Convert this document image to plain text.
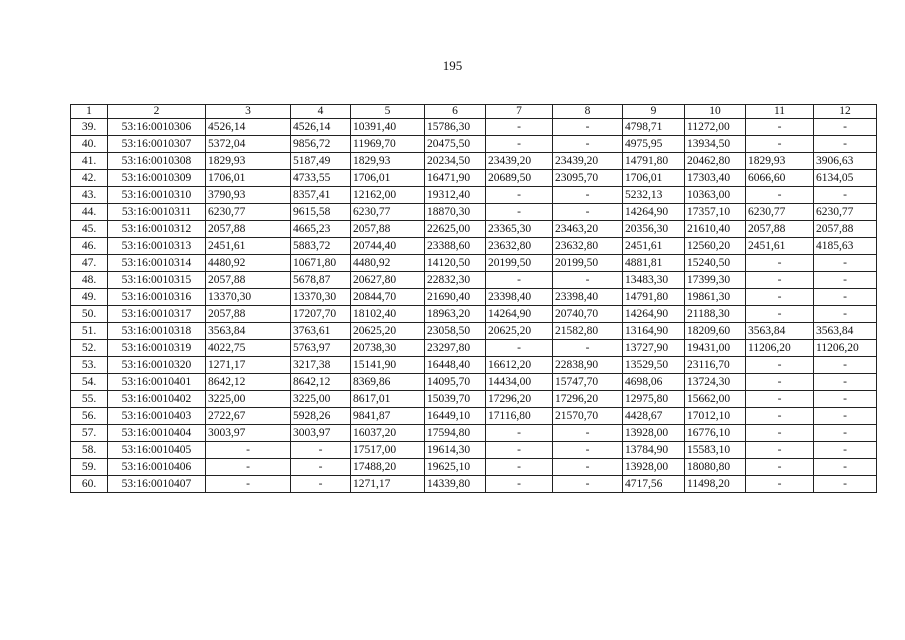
195
1	2	3	4	5	6	7	8	9	10	11	12
39.	53:16:0010306	4526,14	4526,14	10391,40	15786,30	-	-	4798,71	11272,00	-	-
40.	53:16:0010307	5372,04	9856,72	11969,70	20475,50	-	-	4975,95	13934,50	-	-
41.	53:16:0010308	1829,93	5187,49	1829,93	20234,50	23439,20	23439,20	14791,80	20462,80	1829,93	3906,63
42.	53:16:0010309	1706,01	4733,55	1706,01	16471,90	20689,50	23095,70	1706,01	17303,40	6066,60	6134,05
43.	53:16:0010310	3790,93	8357,41	12162,00	19312,40	-	-	5232,13	10363,00	-	-
44.	53:16:0010311	6230,77	9615,58	6230,77	18870,30	-	-	14264,90	17357,10	6230,77	6230,77
45.	53:16:0010312	2057,88	4665,23	2057,88	22625,00	23365,30	23463,20	20356,30	21610,40	2057,88	2057,88
46.	53:16:0010313	2451,61	5883,72	20744,40	23388,60	23632,80	23632,80	2451,61	12560,20	2451,61	4185,63
47.	53:16:0010314	4480,92	10671,80	4480,92	14120,50	20199,50	20199,50	4881,81	15240,50	-	-
48.	53:16:0010315	2057,88	5678,87	20627,80	22832,30	-	-	13483,30	17399,30	-	-
49.	53:16:0010316	13370,30	13370,30	20844,70	21690,40	23398,40	23398,40	14791,80	19861,30	-	-
50.	53:16:0010317	2057,88	17207,70	18102,40	18963,20	14264,90	20740,70	14264,90	21188,30	-	-
51.	53:16:0010318	3563,84	3763,61	20625,20	23058,50	20625,20	21582,80	13164,90	18209,60	3563,84	3563,84
52.	53:16:0010319	4022,75	5763,97	20738,30	23297,80	-	-	13727,90	19431,00	11206,20	11206,20
53.	53:16:0010320	1271,17	3217,38	15141,90	16448,40	16612,20	22838,90	13529,50	23116,70	-	-
54.	53:16:0010401	8642,12	8642,12	8369,86	14095,70	14434,00	15747,70	4698,06	13724,30	-	-
55.	53:16:0010402	3225,00	3225,00	8617,01	15039,70	17296,20	17296,20	12975,80	15662,00	-	-
56.	53:16:0010403	2722,67	5928,26	9841,87	16449,10	17116,80	21570,70	4428,67	17012,10	-	-
57.	53:16:0010404	3003,97	3003,97	16037,20	17594,80	-	-	13928,00	16776,10	-	-
58.	53:16:0010405	-	-	17517,00	19614,30	-	-	13784,90	15583,10	-	-
59.	53:16:0010406	-	-	17488,20	19625,10	-	-	13928,00	18080,80	-	-
60.	53:16:0010407	-	-	1271,17	14339,80	-	-	4717,56	11498,20	-	-
